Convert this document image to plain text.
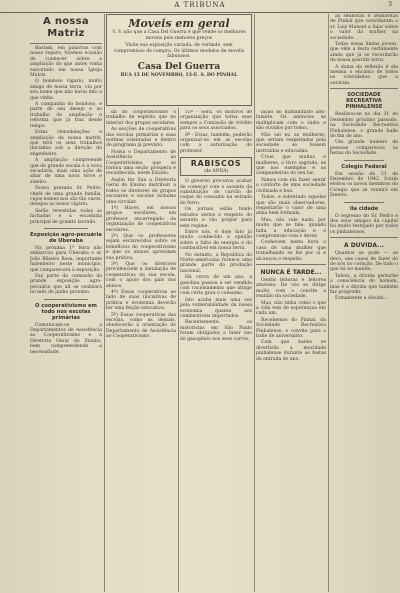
A TRIBUNA	3
A nossa Matriz

Bastam, em palavras com nosso reparo, tivemos ocasião de conhecer sobre a ampliação do que antes vinha executado em nossa Igreja Matriz.

O bondoso vigario, muito amigo de nossa terra, viu por seu nome que não havia dito a que vinha.

A campanha do bondoso, e parte do seu desejo e ao trabalho de ampliação e reforma que já traz desde tempo.

Estas remodelações e ampliação da nossa matriz, que terá os seus trabalhos iniciados sob a direção do engenheiro.

A ampliação compreende que de grande escala e a nova escadaria, mais uma ação de altar de uma nova torre e sineiro.

Nosso prezado Sr. Pedro, chefe de uma grande família, cujos nomes nos são tão caros, desejou ao nosso vigário.

Serão revestidas todas as fachadas e a escadaria principal de granito lavrado.

Exposição agro-pecuária de Uberaba

Na próxima 1ª feira não embarcou para Uberaba o sr. João Ribeiro Rosa, importante fazendeiro neste município, que comparecerá à exposição.

Faz parte da comissão da grande exposição agro-pecuária que ali se realizará no mês de junho próximo.

O cooperativismo em todo nos escolas primárias

Comunicam-se a Departamentos de Assistência ao Cooperativismo e à Diretoria Geral do Ensino, bem compreendendo a necessidade.

Moveis em geral
V. S. não que a Casa Del Guerra é que vende os melhores moveis pelo menores preços
Visite sua exposição variada, de verdade, sem compromisso de compra. Os últimos modelos de movéis fabulosos.
Casa Del Guerra
RUA 15 DE NOVEMBRO, 13-E. S. DO PINHAL

da do cooperativismo o trabalho de espírito que no interior dos grupos escolares.

As secções de cooperativas das escolas primárias e suas normas orientadas e dentro do programa já previsto.

Nossa o Departamento de Assistência ao Cooperativismo que se tornou uma seção próspera e reconhecida, neste Estado.

Assim fez Sua a Diretoria Geral do Ensino distribuir a todos os diretores de grupos escolares e escolas isoladas uma circular.

1º) Haver, em nossos grupos escolares, um professor encarregado da organização de cooperativas escolares.

2º) Que os professores sejam esclarecidos sobre os benefícios do cooperativismo e que os alunos aprendam sua prática.

3º) Que os diretores providenciem a instalação de cooperativas na sua escola, com o apoio dos pais dos alunos.

4º) Essas cooperativas ao lado de suas iniciativas de prática e economia deverão ter uma feição educativa.

5º) Essas cooperativas das escolas, como as demais, obedecerão à orientação do Departamento de Assistência ao Cooperativismo.

15º - Será, os motivos de organização que torna esse sempre a Comissão de crédito para os seus associados.

8º - Estas, também, poderão organizar-se em as escolas com a autorização do professor.

RABISCOS
(de ANNA)

O governo procurou acabar de começar com o assunto da substituição do carvão de coque do consumo na estrada de ferro.

Os jornais estão tendo estudos sérios a respeito do assunto e vão propor para este regime.

Entre nós, é hoje fato já muito conhecido a opinião sobre a falta de energia e do combustível em nossa terra.

No entanto, a Republica do Norte-americano fornece uma grande parte da produção nacional.

Há cerca de um ano, a gasolina passou a ser vendida com racionamento que atinge com certo grau o consumo.

Isto acaba mais uma vez pela vulnerabilidade da nossa economia quanto aos combustíveis importados.

Recentemente, os motoristas em São Paulo foram obrigados a fazer uso de gasogênio nos seus carros.

lação do humanitário alto-falante. Os anúncios se multiplicam com o rádio e são ouvidos por todos.

Não sei eu as mulheres, que seriam respeitadas pela sociedade se fossem instruídas e educadas.

Croie que muitas e mulheres, o livro sagrado, as que nos exemplos e as companheiras do seu lar.

Vamos com ela fazer sentir o conforto de uma sociedade civilizada e boa.

Todos, e sobretudo aqueles que são mais observadores, respeitarão o valor de uma alma bem formada.

Mas, não vale nada, por muito que se fale, quando falta a educação e o compromisso com o dever.

Conhecem nesta hora o caso de uma mulher que trabalhando se fez por si e alcançou o respeito.

NUNCA É TARDE...

Gentis leitoras e leitores amáveis: De vós se dirige muito com o convite a reunião da sociedade.

Mas, não tinha como o que a vida tem de esperanças em cada um.

Recebemos do Pinhal, da Sociedade Recreativa Pinhalense, o convite para o baile de aniversário.

Com que bailes se divertirão a mocidade pinhalense durante as festas da entrada do ano.

as senhoras e senhoritas de Pinhal que convidaram o sr. Luiz Manoel a falar sobre o valor da mulher na sociedade.

Todas essas lindas jovens, que vêm a festa certamente ainda que já se recordarão da nossa querida terra.

A dama da reflexão é ela mesma o encanto de todos os convidados que a ouviram.

SOCIEDADE RECREATIVA PINHALENSE

Realizou-se no dia 31 de Dezembro próximo passado, na Sociedade Recreativa Pinhalense, o grande baile de fim de ano.

Um grande numero de pessoas compareceu às festas da Sociedade.

Colegio Federal

Em sessão de 31 de Dezembro de 1942, foram eleitos os novos membros do Colegio que se reunirá em Janeiro.

Ila cidade

O regresso do Sr. Pedro e dos seus amigos da capital foi muito festejado por todos os pinhalenses.

A DUVIDA...

Quantos se pode — se devo, uns casos de fazer dó de nós no coração. De tudo o que há no mundo.

Talvez, a dúvida perturbe a consciência do homem, mas é a dúvida que também faz progredir.

Ermamente a dúvida...
